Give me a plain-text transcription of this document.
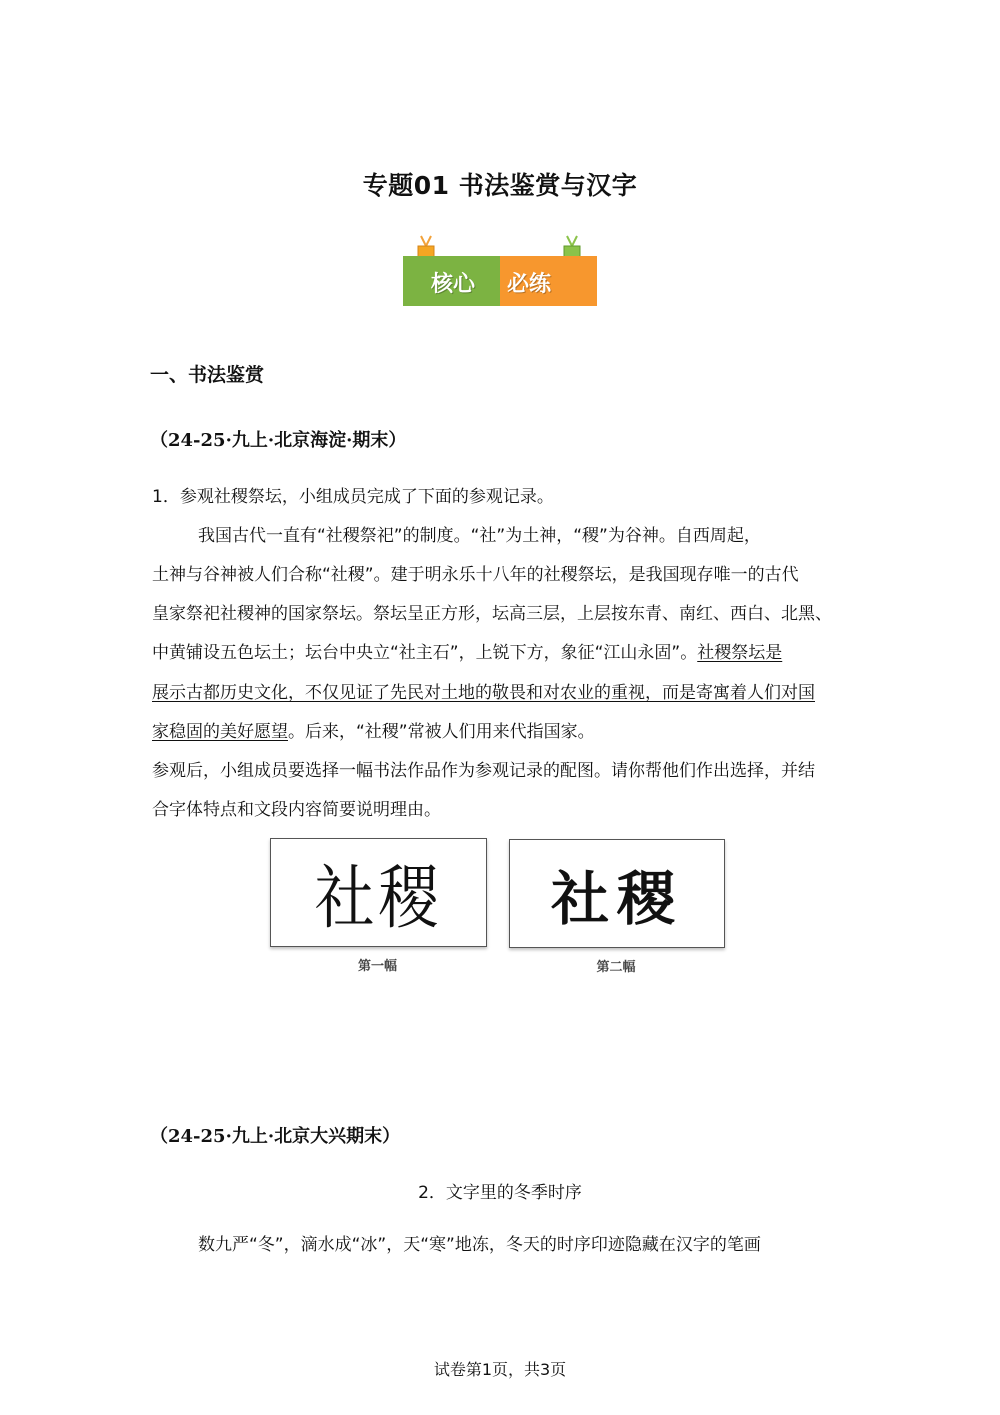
专题01 书法鉴赏与汉字
核心 必练
一、书法鉴赏
（24-25·九上·北京海淀·期末）
1．参观社稷祭坛，小组成员完成了下面的参观记录。
我国古代一直有“社稷祭祀”的制度。“社”为土神，“稷”为谷神。自西周起，
土神与谷神被人们合称“社稷”。建于明永乐十八年的社稷祭坛，是我国现存唯一的古代
皇家祭祀社稷神的国家祭坛。祭坛呈正方形，坛高三层，上层按东青、南红、西白、北黑、
中黄铺设五色坛土；坛台中央立“社主石”，上锐下方，象征“江山永固”。社稷祭坛是
展示古都历史文化，不仅见证了先民对土地的敬畏和对农业的重视，而是寄寓着人们对国
家稳固的美好愿望。后来，“社稷”常被人们用来代指国家。
参观后，小组成员要选择一幅书法作品作为参观记录的配图。请你帮他们作出选择，并结
合字体特点和文段内容简要说明理由。
社稷
第一幅
社稷
第二幅
（24-25·九上·北京大兴期末）
2．文字里的冬季时序
数九严“冬”，滴水成“冰”，天“寒”地冻，冬天的时序印迹隐藏在汉字的笔画
试卷第1页，共3页
